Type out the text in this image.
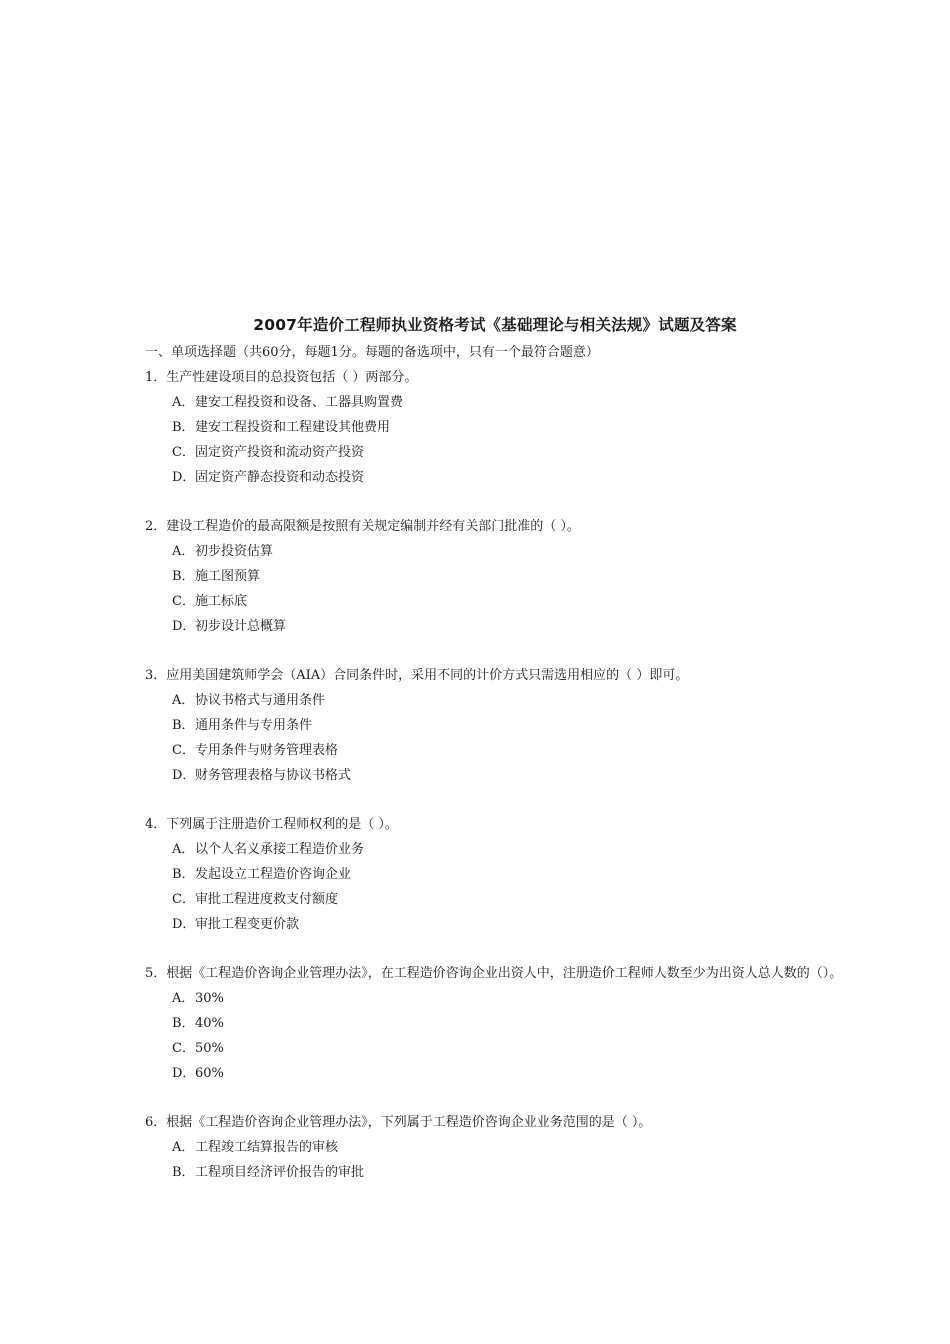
2007年造价工程师执业资格考试《基础理论与相关法规》试题及答案

一、单项选择题（共60分，每题1分。每题的备选项中，只有一个最符合题意）

1．生产性建设项目的总投资包括（ ）两部分。

A．建安工程投资和设备、工器具购置费
B．建安工程投资和工程建设其他费用
C．固定资产投资和流动资产投资
D．固定资产静态投资和动态投资

2．建设工程造价的最高限额是按照有关规定编制并经有关部门批准的（ ）。

A．初步投资估算
B．施工图预算
C．施工标底
D．初步设计总概算

3．应用美国建筑师学会（AIA）合同条件时，采用不同的计价方式只需选用相应的（ ）即可。

A．协议书格式与通用条件
B．通用条件与专用条件
C．专用条件与财务管理表格
D．财务管理表格与协议书格式

4．下列属于注册造价工程师权利的是（ ）。

A．以个人名义承接工程造价业务
B．发起设立工程造价咨询企业
C．审批工程进度救支付额度
D．审批工程变更价款

5．根据《工程造价咨询企业管理办法》，在工程造价咨询企业出资人中，注册造价工程师人数至少为出资人总人数的（）。

A．30%
B．40%
C．50%
D．60%

6．根据《工程造价咨询企业管理办法》，下列属于工程造价咨询企业业务范围的是（ ）。

A．工程竣工结算报告的审核
B．工程项目经济评价报告的审批
